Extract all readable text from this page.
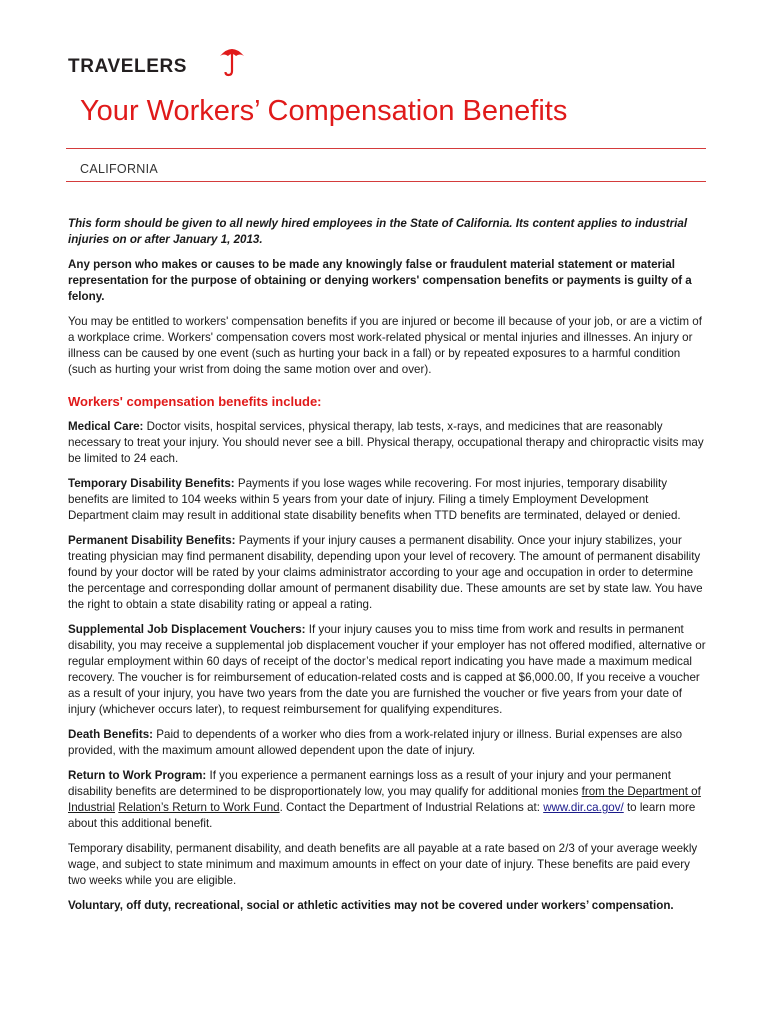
TRAVELERS
Your Workers’ Compensation Benefits
CALIFORNIA

This form should be given to all newly hired employees in the State of California. Its content applies to industrial injuries on or after January 1, 2013.

Any person who makes or causes to be made any knowingly false or fraudulent material statement or material representation for the purpose of obtaining or denying workers' compensation benefits or payments is guilty of a felony.

You may be entitled to workers' compensation benefits if you are injured or become ill because of your job, or are a victim of a workplace crime. Workers' compensation covers most work-related physical or mental injuries and illnesses. An injury or illness can be caused by one event (such as hurting your back in a fall) or by repeated exposures to a harmful condition (such as hurting your wrist from doing the same motion over and over).

Workers' compensation benefits include:

Medical Care: Doctor visits, hospital services, physical therapy, lab tests, x-rays, and medicines that are reasonably necessary to treat your injury. You should never see a bill. Physical therapy, occupational therapy and chiropractic visits may be limited to 24 each.

Temporary Disability Benefits: Payments if you lose wages while recovering. For most injuries, temporary disability benefits are limited to 104 weeks within 5 years from your date of injury. Filing a timely Employment Development Department claim may result in additional state disability benefits when TTD benefits are terminated, delayed or denied.

Permanent Disability Benefits: Payments if your injury causes a permanent disability. Once your injury stabilizes, your treating physician may find permanent disability, depending upon your level of recovery. The amount of permanent disability found by your doctor will be rated by your claims administrator according to your age and occupation in order to determine the percentage and corresponding dollar amount of permanent disability due. These amounts are set by state law. You have the right to obtain a state disability rating or appeal a rating.

Supplemental Job Displacement Vouchers: If your injury causes you to miss time from work and results in permanent disability, you may receive a supplemental job displacement voucher if your employer has not offered modified, alternative or regular employment within 60 days of receipt of the doctor’s medical report indicating you have made a maximum medical recovery. The voucher is for reimbursement of education-related costs and is capped at $6,000.00, If you receive a voucher as a result of your injury, you have two years from the date you are furnished the voucher or five years from your date of injury (whichever occurs later), to request reimbursement for qualifying expenditures.

Death Benefits: Paid to dependents of a worker who dies from a work-related injury or illness. Burial expenses are also provided, with the maximum amount allowed dependent upon the date of injury.

Return to Work Program: If you experience a permanent earnings loss as a result of your injury and your permanent disability benefits are determined to be disproportionately low, you may qualify for additional monies from the Department of Industrial Relation’s Return to Work Fund. Contact the Department of Industrial Relations at: www.dir.ca.gov/ to learn more about this additional benefit.

Temporary disability, permanent disability, and death benefits are all payable at a rate based on 2/3 of your average weekly wage, and subject to state minimum and maximum amounts in effect on your date of injury. These benefits are paid every two weeks while you are eligible.

Voluntary, off duty, recreational, social or athletic activities may not be covered under workers’ compensation.
